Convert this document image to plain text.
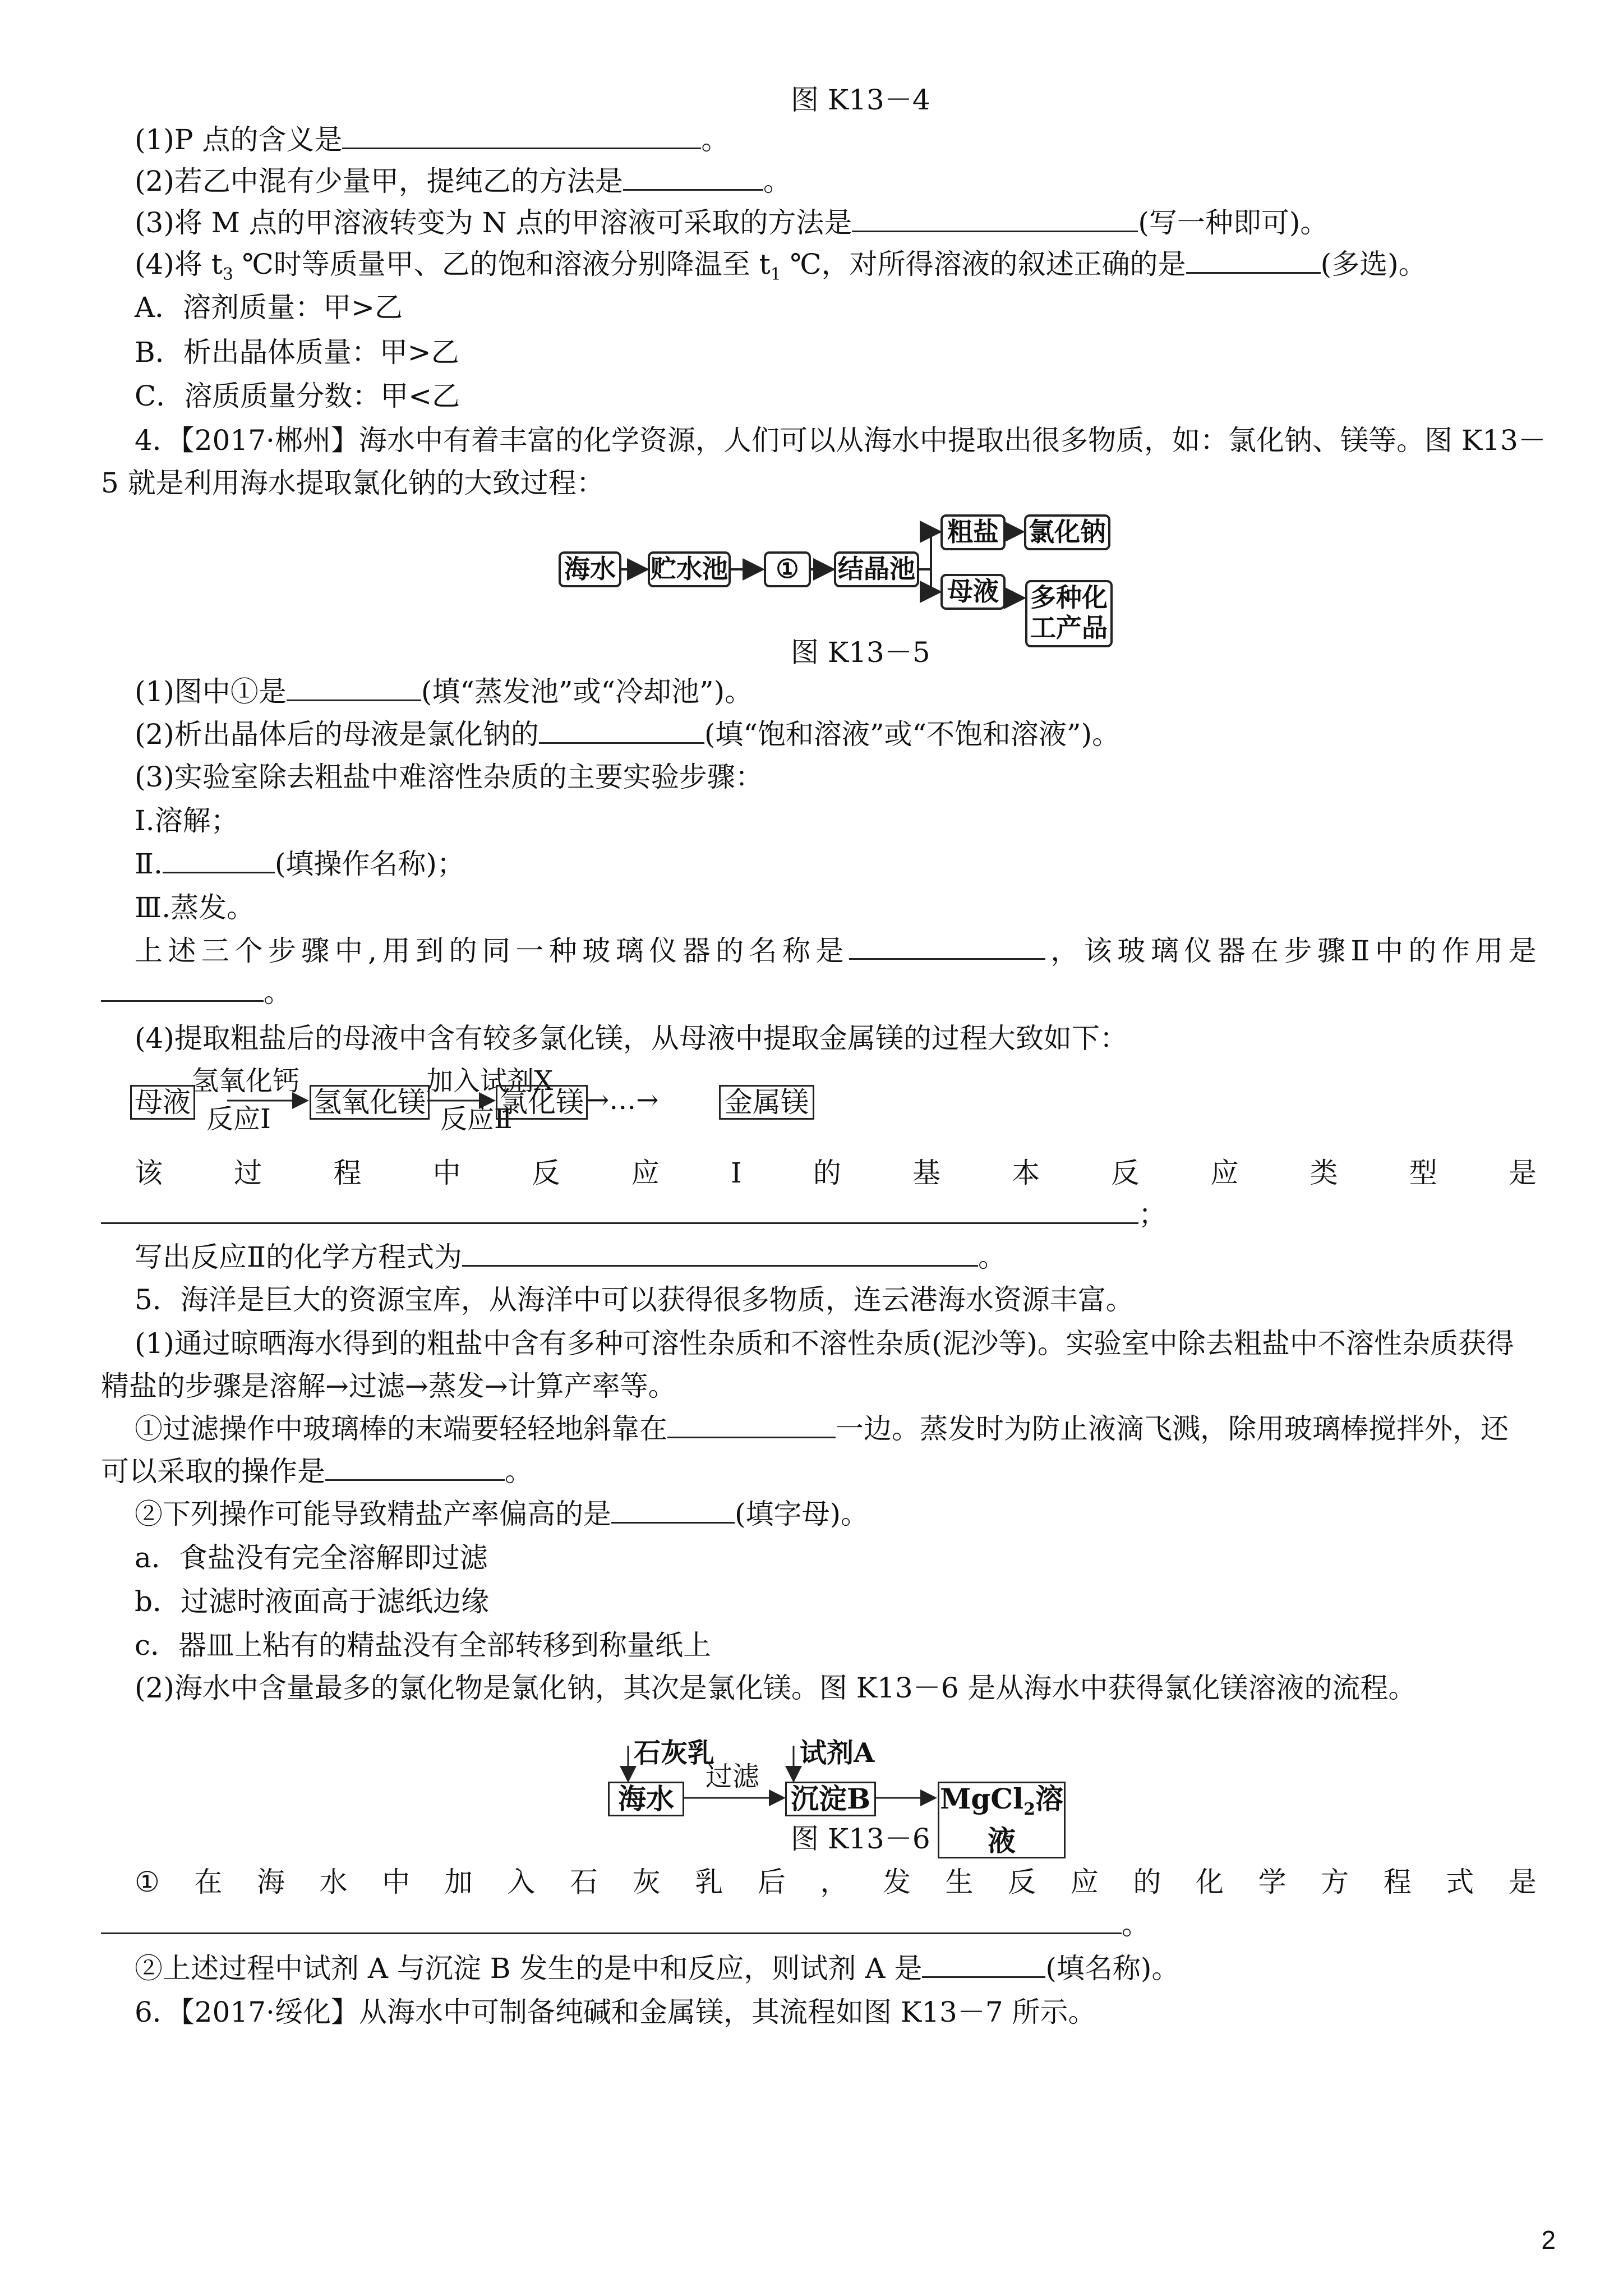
图 K13－4
(1)P 点的含义是	。
(2)若乙中混有少量甲，提纯乙的方法是	。
(3)将 M 点的甲溶液转变为 N 点的甲溶液可采取的方法是	(写一种即可)。
(4)将 $t_3$ ℃时等质量甲、乙的饱和溶液分别降温至 $t_1$ ℃，对所得溶液的叙述正确的是	(多选)。
A．溶剂质量：甲>乙
B．析出晶体质量：甲>乙
C．溶质质量分数：甲<乙
4．【2017·郴州】海水中有着丰富的化学资源，人们可以从海水中提取出很多物质，如：氯化钠、镁等。图 K13－
5 就是利用海水提取氯化钠的大致过程：
海水 贮水池	①	结晶池
粗盐 氯化钠
母液 多种化工产品
图 K13－5
(1)图中①是	(填“蒸发池”或“冷却池”)。
(2)析出晶体后的母液是氯化钠的	(填“饱和溶液”或“不饱和溶液”)。
(3)实验室除去粗盐中难溶性杂质的主要实验步骤：
Ⅰ.溶解；
Ⅱ.	(填操作名称)；
Ⅲ.蒸发。
上 述 三 个 步 骤 中 , 用 到 的 同 一 种 玻 璃 仪 器 的 名 称 是	， 该 玻 璃 仪 器 在 步 骤 Ⅱ 中 的 作 用 是
。
(4)提取粗盐后的母液中含有较多氯化镁，从母液中提取金属镁的过程大致如下：
母液
氢氧化钙
反应Ⅰ
氢氧化镁
加入试剂X
反应Ⅱ
氯化镁 →…→ 金属镁
该	过	程	中	反	应	Ⅰ	的	基	本	反	应	类	型	是
；
写出反应Ⅱ的化学方程式为	。
5．海洋是巨大的资源宝库，从海洋中可以获得很多物质，连云港海水资源丰富。
(1)通过晾晒海水得到的粗盐中含有多种可溶性杂质和不溶性杂质(泥沙等)。实验室中除去粗盐中不溶性杂质获得
精盐的步骤是溶解→过滤→蒸发→计算产率等。
①过滤操作中玻璃棒的末端要轻轻地斜靠在	一边。蒸发时为防止液滴飞溅，除用玻璃棒搅拌外，还
可以采取的操作是	。
②下列操作可能导致精盐产率偏高的是	(填字母)。
a．食盐没有完全溶解即过滤
b．过滤时液面高于滤纸边缘
c．器皿上粘有的精盐没有全部转移到称量纸上
(2)海水中含量最多的氯化物是氯化钠，其次是氯化镁。图 K13－6 是从海水中获得氯化镁溶液的流程。
石灰乳	试剂A
过滤
海水	沉淀B MgCl$_2$溶液
图 K13－6
① 在 海 水 中 加 入 石 灰 乳 后 ， 发 生 反 应 的 化 学 方 程 式 是
。
②上述过程中试剂 A 与沉淀 B 发生的是中和反应，则试剂 A 是	(填名称)。
6．【2017·绥化】从海水中可制备纯碱和金属镁，其流程如图 K13－7 所示。
2
